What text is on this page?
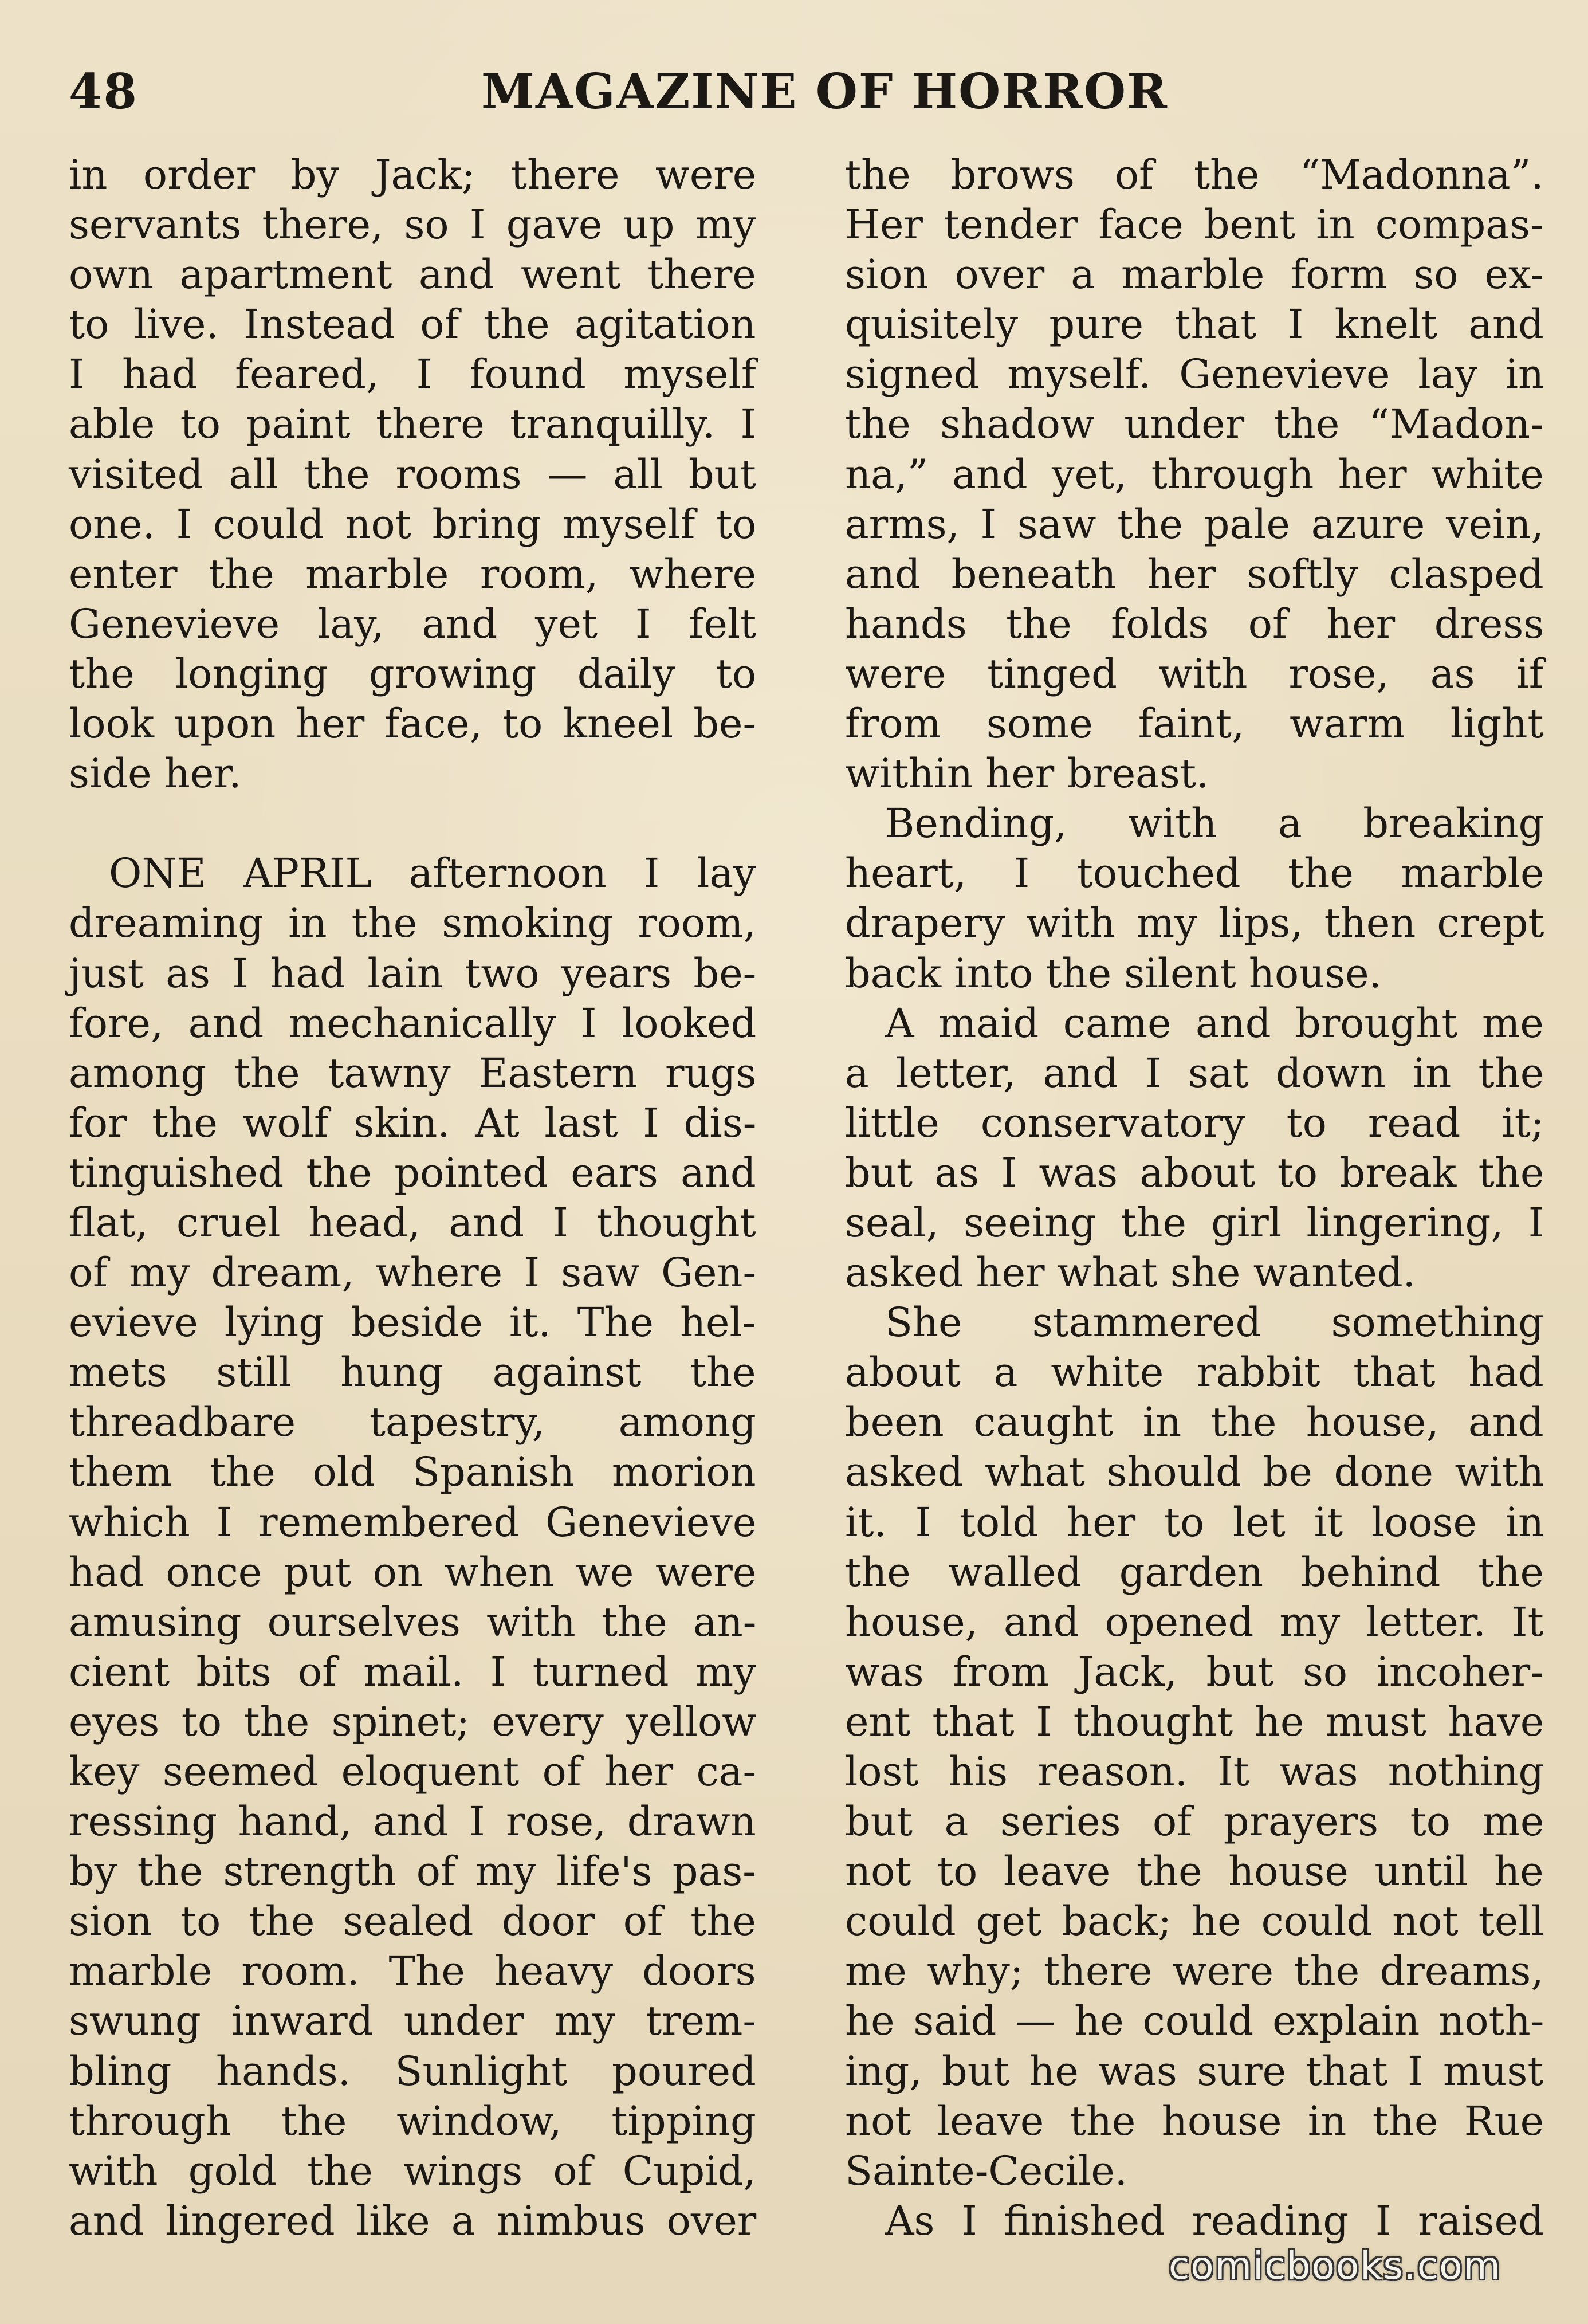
48	MAGAZINE OF HORROR
in order by Jack; there were
servants there, so I gave up my
own apartment and went there
to live. Instead of the agitation
I had feared, I found myself
able to paint there tranquilly. I
visited all the rooms — all but
one. I could not bring myself to
enter the marble room, where
Genevieve lay, and yet I felt
the longing growing daily to
look upon her face, to kneel be-
side her.
ONE APRIL afternoon I lay
dreaming in the smoking room,
just as I had lain two years be-
fore, and mechanically I looked
among the tawny Eastern rugs
for the wolf skin. At last I dis-
tinguished the pointed ears and
flat, cruel head, and I thought
of my dream, where I saw Gen-
evieve lying beside it. The hel-
mets still hung against the
threadbare tapestry, among
them the old Spanish morion
which I remembered Genevieve
had once put on when we were
amusing ourselves with the an-
cient bits of mail. I turned my
eyes to the spinet; every yellow
key seemed eloquent of her ca-
ressing hand, and I rose, drawn
by the strength of my life's pas-
sion to the sealed door of the
marble room. The heavy doors
swung inward under my trem-
bling hands. Sunlight poured
through the window, tipping
with gold the wings of Cupid,
and lingered like a nimbus over
the brows of the “Madonna”.
Her tender face bent in compas-
sion over a marble form so ex-
quisitely pure that I knelt and
signed myself. Genevieve lay in
the shadow under the “Madon-
na,” and yet, through her white
arms, I saw the pale azure vein,
and beneath her softly clasped
hands the folds of her dress
were tinged with rose, as if
from some faint, warm light
within her breast.
Bending, with a breaking
heart, I touched the marble
drapery with my lips, then crept
back into the silent house.
A maid came and brought me
a letter, and I sat down in the
little conservatory to read it;
but as I was about to break the
seal, seeing the girl lingering, I
asked her what she wanted.
She stammered something
about a white rabbit that had
been caught in the house, and
asked what should be done with
it. I told her to let it loose in
the walled garden behind the
house, and opened my letter. It
was from Jack, but so incoher-
ent that I thought he must have
lost his reason. It was nothing
but a series of prayers to me
not to leave the house until he
could get back; he could not tell
me why; there were the dreams,
he said — he could explain noth-
ing, but he was sure that I must
not leave the house in the Rue
Sainte-Cecile.
As I finished reading I raised
comicbooks.com
